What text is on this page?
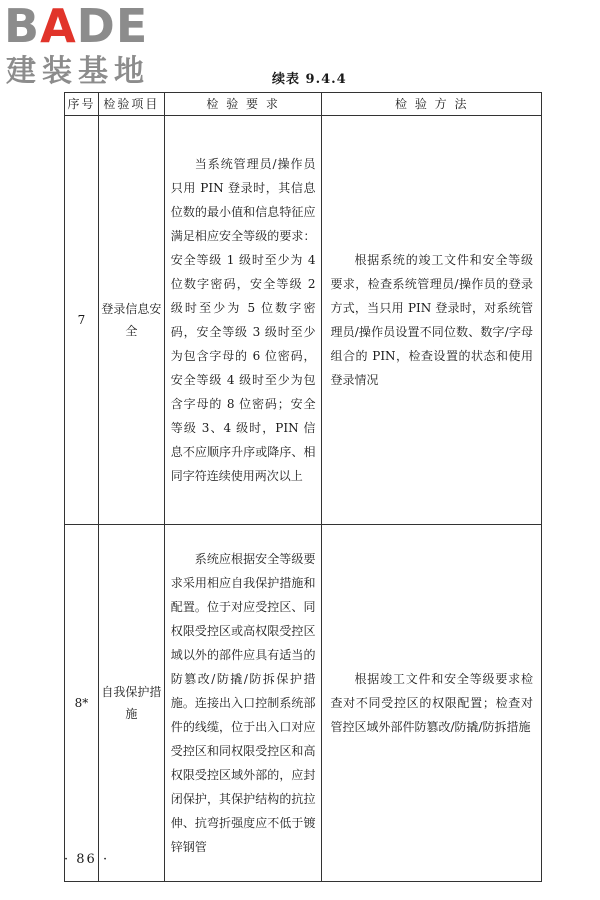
BADE
建装基地	续表 9.4.4
序号	检验项目	检 验 要 求	检 验 方 法
7	登录信息安全	当系统管理员/操作员只用 PIN 登录时，其信息位数的最小值和信息特征应满足相应安全等级的要求：安全等级 1 级时至少为 4 位数字密码，安全等级 2 级时至少为 5 位数字密码，安全等级 3 级时至少为包含字母的 6 位密码，安全等级 4 级时至少为包含字母的 8 位密码；安全等级 3、4 级时，PIN 信息不应顺序升序或降序、相同字符连续使用两次以上	根据系统的竣工文件和安全等级要求，检查系统管理员/操作员的登录方式，当只用 PIN 登录时，对系统管理员/操作员设置不同位数、数字/字母组合的 PIN，检查设置的状态和使用登录情况

8*	自我保护措施	系统应根据安全等级要求采用相应自我保护措施和配置。位于对应受控区、同权限受控区或高权限受控区域以外的部件应具有适当的防篡改/防撬/防拆保护措施。连接出入口控制系统部件的线缆，位于出入口对应受控区和同权限受控区和高权限受控区域外部的，应封闭保护，其保护结构的抗拉伸、抗弯折强度应不低于镀锌钢管	根据竣工文件和安全等级要求检查对不同受控区的权限配置；检查对管控区域外部件防篡改/防撬/防拆措施
· 86 ·
